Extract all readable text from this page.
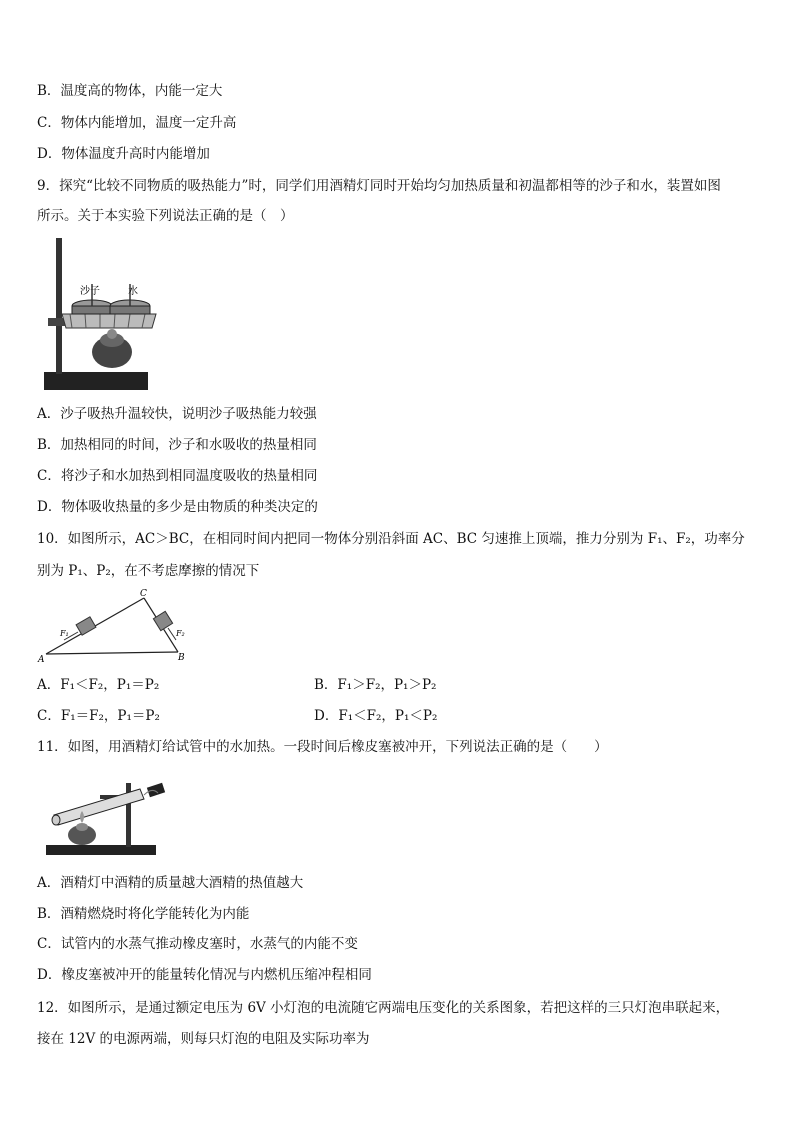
B．温度高的物体，内能一定大
C．物体内能增加，温度一定升高
D．物体温度升高时内能增加
9．探究“比较不同物质的吸热能力”时，同学们用酒精灯同时开始均匀加热质量和初温都相等的沙子和水，装置如图
所示。关于本实验下列说法正确的是（　）
沙子	水
A．沙子吸热升温较快，说明沙子吸热能力较强
B．加热相同的时间，沙子和水吸收的热量相同
C．将沙子和水加热到相同温度吸收的热量相同
D．物体吸收热量的多少是由物质的种类决定的
10．如图所示，AC＞BC，在相同时间内把同一物体分别沿斜面 AC、BC 匀速推上顶端，推力分别为 F₁、F₂，功率分
别为 P₁、P₂，在不考虑摩擦的情况下
A	B
C
F₁	F₂
A．F₁＜F₂，P₁＝P₂	B．F₁＞F₂，P₁＞P₂
C．F₁＝F₂，P₁＝P₂	D．F₁＜F₂，P₁＜P₂
11．如图，用酒精灯给试管中的水加热。一段时间后橡皮塞被冲开，下列说法正确的是（　　）
A．酒精灯中酒精的质量越大酒精的热值越大
B．酒精燃烧时将化学能转化为内能
C．试管内的水蒸气推动橡皮塞时，水蒸气的内能不变
D．橡皮塞被冲开的能量转化情况与内燃机压缩冲程相同
12．如图所示，是通过额定电压为 6V 小灯泡的电流随它两端电压变化的关系图象，若把这样的三只灯泡串联起来，
接在 12V 的电源两端，则每只灯泡的电阻及实际功率为
